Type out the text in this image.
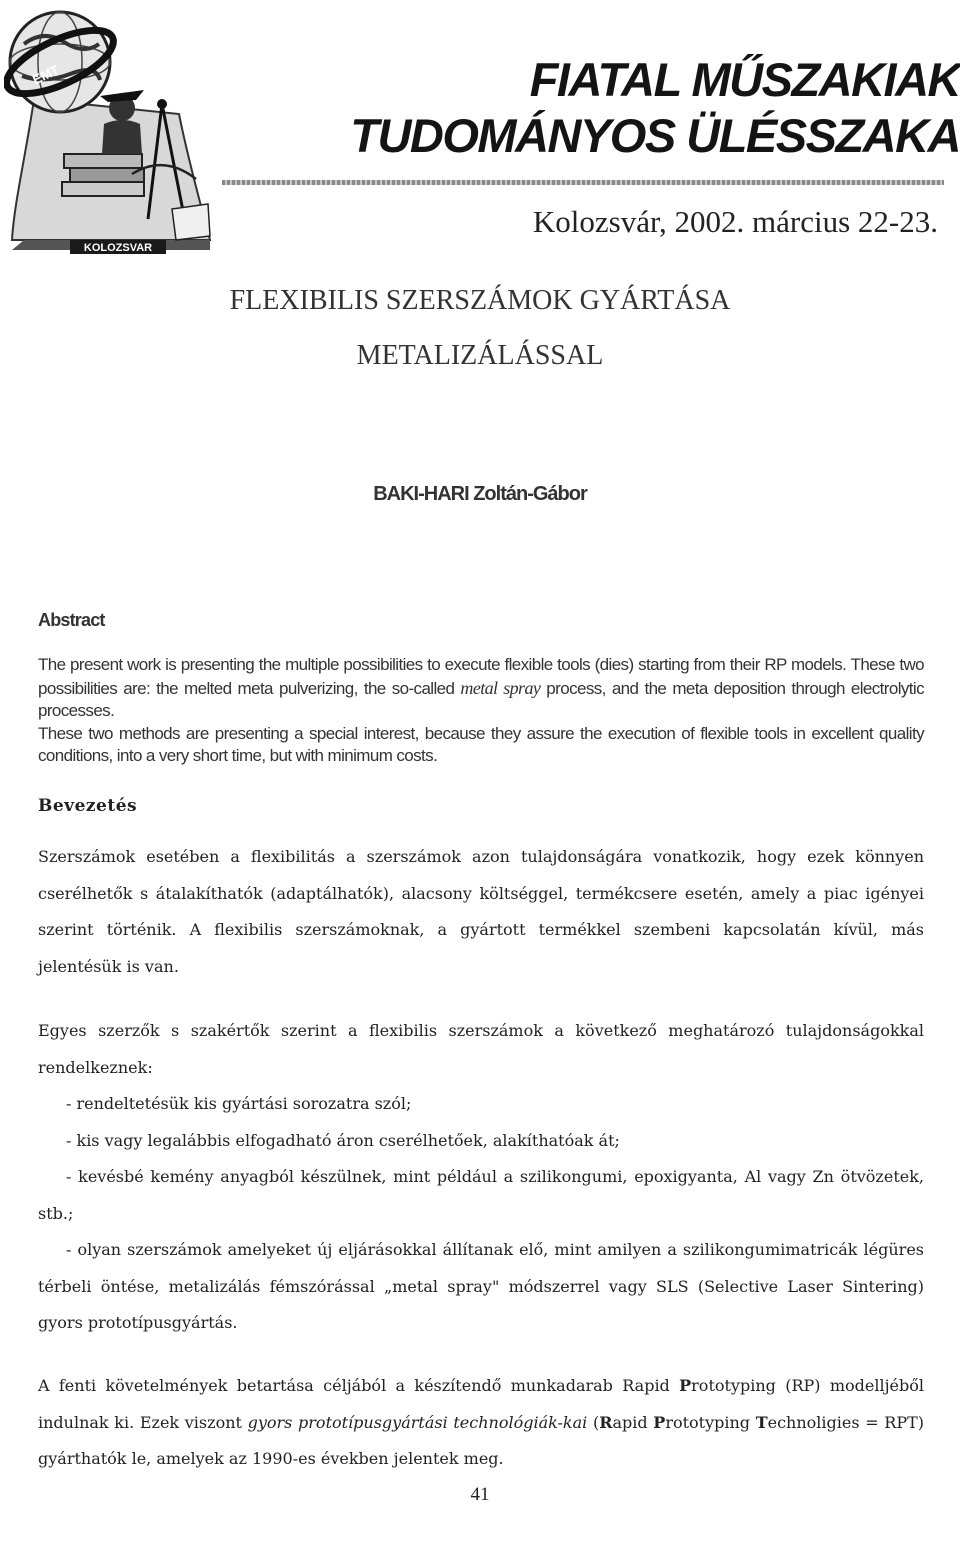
EMT
KOLOZSVAR
FIATAL MŰSZAKIAK
TUDOMÁNYOS ÜLÉSSZAKA
Kolozsvár, 2002. március 22-23.
FLEXIBILIS SZERSZÁMOK GYÁRTÁSA
METALIZÁLÁSSAL
BAKI-HARI Zoltán-Gábor
Abstract

The present work is presenting the multiple possibilities to execute flexible tools (dies) starting from their RP models. These two possibilities are: the melted meta pulverizing, the so-called metal spray process, and the meta deposition through electrolytic processes.

These two methods are presenting a special interest, because they assure the execution of flexible tools in excellent quality conditions, into a very short time, but with minimum costs.

Bevezetés
Szerszámok esetében a flexibilitás a szerszámok azon tulajdonságára vonatkozik, hogy ezek könnyen cserélhetők s átalakíthatók (adaptálhatók), alacsony költséggel, termékcsere esetén, amely a piac igényei szerint történik. A flexibilis szerszámoknak, a gyártott termékkel szembeni kapcsolatán kívül, más jelentésük is van.

Egyes szerzők s szakértők szerint a flexibilis szerszámok a következő meghatározó tulajdonságokkal rendelkeznek:

- rendeltetésük kis gyártási sorozatra szól;

- kis vagy legalábbis elfogadható áron cserélhetőek, alakíthatóak át;

- kevésbé kemény anyagból készülnek, mint például a szilikongumi, epoxigyanta, Al vagy Zn ötvözetek, stb.;

- olyan szerszámok amelyeket új eljárásokkal állítanak elő, mint amilyen a szilikongumimatricák légüres térbeli öntése, metalizálás fémszórással „metal spray" módszerrel vagy SLS (Selective Laser Sintering) gyors prototípusgyártás.

A fenti követelmények betartása céljából a készítendő munkadarab Rapid Prototyping (RP) modelljéből indulnak ki. Ezek viszont gyors prototípusgyártási technológiák-kai (Rapid Prototyping Technoligies = RPT) gyárthatók le, amelyek az 1990-es években jelentek meg.

41
